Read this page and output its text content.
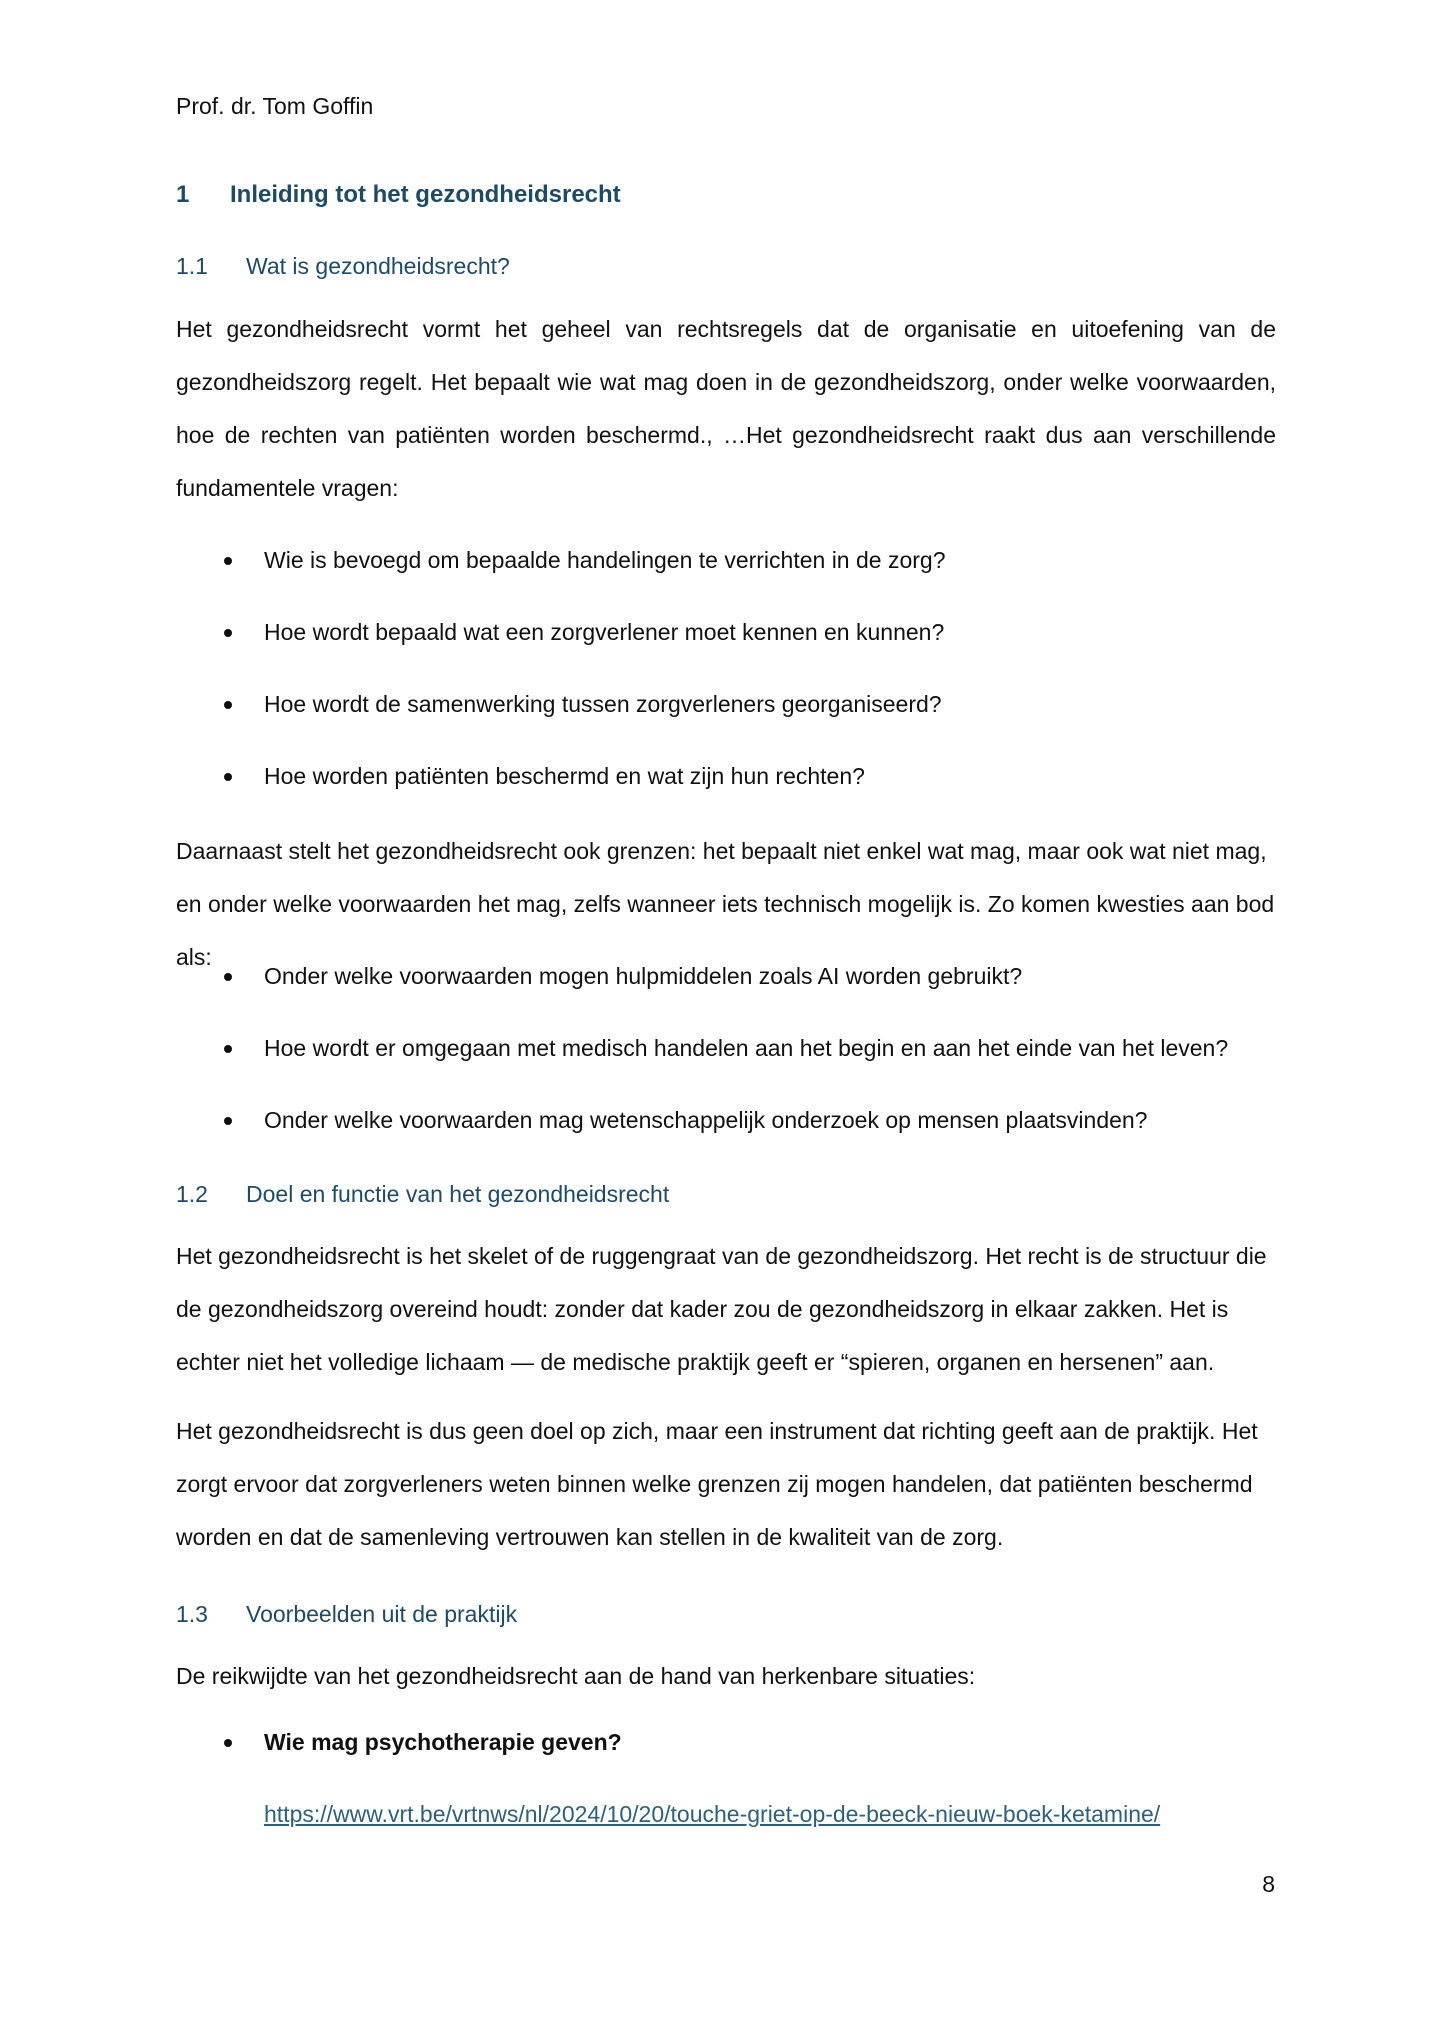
Prof. dr. Tom Goffin
1	Inleiding tot het gezondheidsrecht
1.1	Wat is gezondheidsrecht?

Het gezondheidsrecht vormt het geheel van rechtsregels dat de organisatie en uitoefening van de gezondheidszorg regelt. Het bepaalt wie wat mag doen in de gezondheidszorg, onder welke voorwaarden, hoe de rechten van patiënten worden beschermd., …Het gezondheidsrecht raakt dus aan verschillende fundamentele vragen:

Wie is bevoegd om bepaalde handelingen te verrichten in de zorg?
Hoe wordt bepaald wat een zorgverlener moet kennen en kunnen?
Hoe wordt de samenwerking tussen zorgverleners georganiseerd?
Hoe worden patiënten beschermd en wat zijn hun rechten?

Daarnaast stelt het gezondheidsrecht ook grenzen: het bepaalt niet enkel wat mag, maar ook wat niet mag, en onder welke voorwaarden het mag, zelfs wanneer iets technisch mogelijk is. Zo komen kwesties aan bod als:

Onder welke voorwaarden mogen hulpmiddelen zoals AI worden gebruikt?
Hoe wordt er omgegaan met medisch handelen aan het begin en aan het einde van het leven?
Onder welke voorwaarden mag wetenschappelijk onderzoek op mensen plaatsvinden?
1.2	Doel en functie van het gezondheidsrecht

Het gezondheidsrecht is het skelet of de ruggengraat van de gezondheidszorg. Het recht is de structuur die de gezondheidszorg overeind houdt: zonder dat kader zou de gezondheidszorg in elkaar zakken. Het is echter niet het volledige lichaam — de medische praktijk geeft er “spieren, organen en hersenen” aan.

Het gezondheidsrecht is dus geen doel op zich, maar een instrument dat richting geeft aan de praktijk. Het zorgt ervoor dat zorgverleners weten binnen welke grenzen zij mogen handelen, dat patiënten beschermd worden en dat de samenleving vertrouwen kan stellen in de kwaliteit van de zorg.

1.3	Voorbeelden uit de praktijk

De reikwijdte van het gezondheidsrecht aan de hand van herkenbare situaties:

Wie mag psychotherapie geven?
https://www.vrt.be/vrtnws/nl/2024/10/20/touche-griet-op-de-beeck-nieuw-boek-ketamine/
8
